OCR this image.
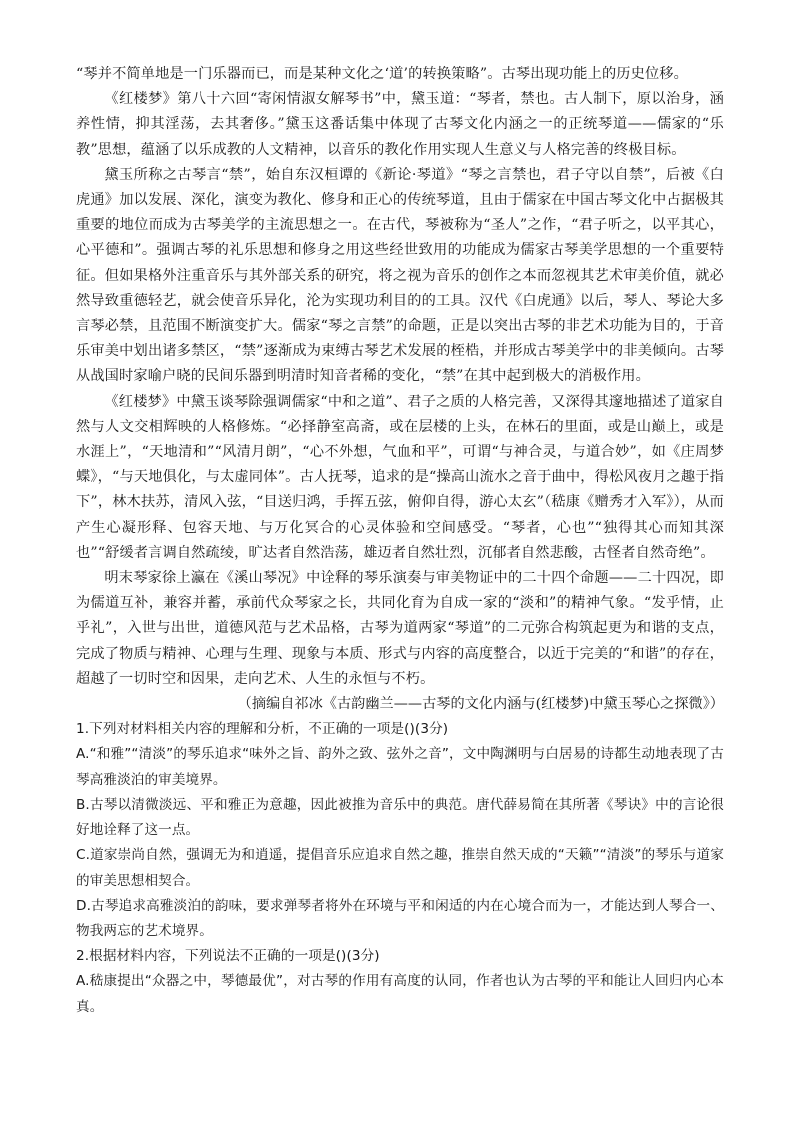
“琴并不简单地是一门乐器而已，而是某种文化之‘道’的转换策略”。古琴出现功能上的历史位移。

《红楼梦》第八十六回“寄闲情淑女解琴书”中，黛玉道：“琴者，禁也。古人制下，原以治身，涵养性情，抑其淫荡，去其奢侈。”黛玉这番话集中体现了古琴文化内涵之一的正统琴道——儒家的“乐教”思想，蕴涵了以乐成教的人文精神，以音乐的教化作用实现人生意义与人格完善的终极目标。

黛玉所称之古琴言“禁”，始自东汉桓谭的《新论·琴道》“琴之言禁也，君子守以自禁”，后被《白虎通》加以发展、深化，演变为教化、修身和正心的传统琴道，且由于儒家在中国古琴文化中占据极其重要的地位而成为古琴美学的主流思想之一。在古代，琴被称为“圣人”之作，“君子听之，以平其心，心平德和”。强调古琴的礼乐思想和修身之用这些经世致用的功能成为儒家古琴美学思想的一个重要特征。但如果格外注重音乐与其外部关系的研究，将之视为音乐的创作之本而忽视其艺术审美价值，就必然导致重德轻艺，就会使音乐异化，沦为实现功利目的的工具。汉代《白虎通》以后，琴人、琴论大多言琴必禁，且范围不断演变扩大。儒家“琴之言禁”的命题，正是以突出古琴的非艺术功能为目的，于音乐审美中划出诸多禁区，“禁”逐渐成为束缚古琴艺术发展的桎梏，并形成古琴美学中的非美倾向。古琴从战国时家喻户晓的民间乐器到明清时知音者稀的变化，“禁”在其中起到极大的消极作用。

《红楼梦》中黛玉谈琴除强调儒家“中和之道”、君子之质的人格完善，又深得其邃地描述了道家自然与人文交相辉映的人格修炼。“必择静室高斋，或在层楼的上头，在林石的里面，或是山巅上，或是水涯上”，“天地清和”“风清月朗”，“心不外想，气血和平”，可谓“与神合灵，与道合妙”，如《庄周梦蝶》，“与天地俱化，与太虚同体”。古人抚琴，追求的是“操高山流水之音于曲中，得松风夜月之趣于指下”，林木扶苏，清风入弦，“目送归鸿，手挥五弦，俯仰自得，游心太玄”（嵇康《赠秀才入军》），从而产生心凝形释、包容天地、与万化冥合的心灵体验和空间感受。“琴者，心也”“独得其心而知其深也”“舒缓者言调自然疏绫，旷达者自然浩荡，雄迈者自然壮烈，沉郁者自然悲酸，古怪者自然奇绝”。

明末琴家徐上瀛在《溪山琴况》中诠释的琴乐演奏与审美物证中的二十四个命题——二十四况，即为儒道互补，兼容并蓄，承前代众琴家之长，共同化育为自成一家的“淡和”的精神气象。“发乎情，止乎礼”，入世与出世，道德风范与艺术品格，古琴为道两家“琴道”的二元弥合构筑起更为和谐的支点，完成了物质与精神、心理与生理、现象与本质、形式与内容的高度整合，以近于完美的“和谐”的存在，超越了一切时空和因果，走向艺术、人生的永恒与不朽。

（摘编自祁冰《古韵幽兰——古琴的文化内涵与(红楼梦)中黛玉琴心之探微》）

1.下列对材料相关内容的理解和分析，不正确的一项是()(3分)

A.“和雅”“清淡”的琴乐追求“味外之旨、韵外之致、弦外之音”，文中陶渊明与白居易的诗都生动地表现了古琴高雅淡泊的审美境界。

B.古琴以清微淡远、平和雅正为意趣，因此被推为音乐中的典范。唐代薛易简在其所著《琴诀》中的言论很好地诠释了这一点。

C.道家崇尚自然，强调无为和逍遥，提倡音乐应追求自然之趣，推崇自然天成的“天籁”“清淡”的琴乐与道家的审美思想相契合。

D.古琴追求高雅淡泊的韵味，要求弹琴者将外在环境与平和闲适的内在心境合而为一，才能达到人琴合一、物我两忘的艺术境界。

2.根据材料内容，下列说法不正确的一项是()(3分)

A.嵇康提出“众器之中，琴德最优”，对古琴的作用有高度的认同，作者也认为古琴的平和能让人回归内心本真。
